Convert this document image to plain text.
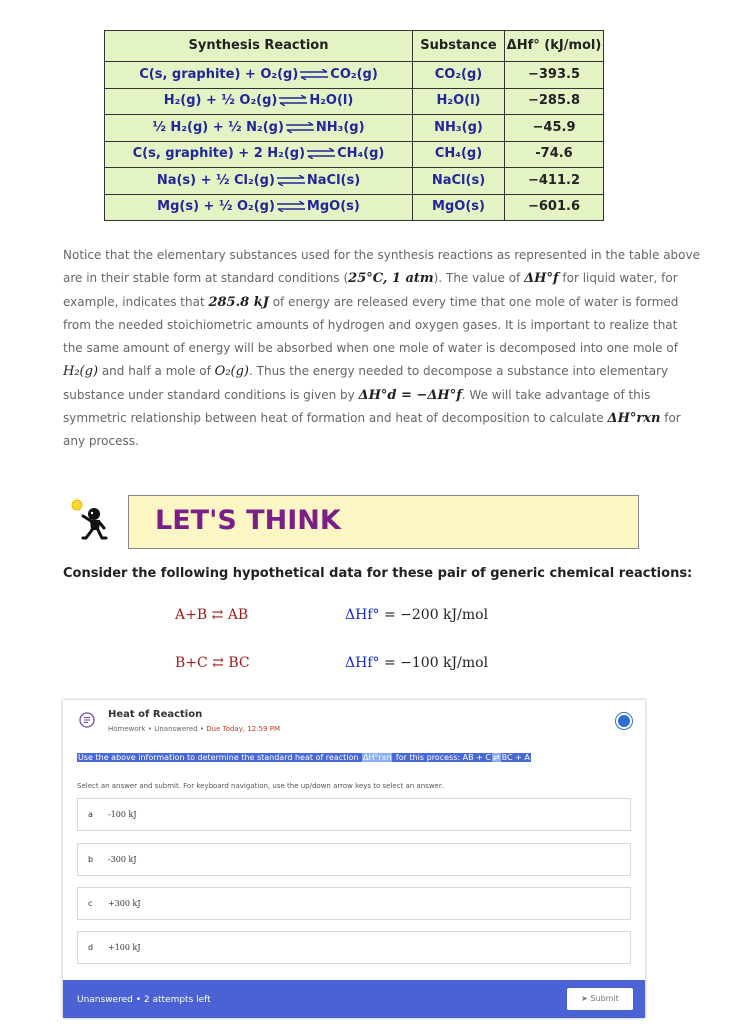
Synthesis Reaction	Substance	ΔHf° (kJ/mol)
C(s, graphite) + O₂(g)⇌CO₂(g)	CO₂(g)	−393.5
H₂(g) + ½ O₂(g)⇌H₂O(l)	H₂O(l)	−285.8
½ H₂(g) + ½ N₂(g)⇌NH₃(g)	NH₃(g)	−45.9
C(s, graphite) + 2 H₂(g)⇌CH₄(g)	CH₄(g)	-74.6
Na(s) + ½ Cl₂(g)⇌NaCl(s)	NaCl(s)	−411.2
Mg(s) + ½ O₂(g)⇌MgO(s)	MgO(s)	−601.6
Notice that the elementary substances used for the synthesis reactions as represented in the table above
are in their stable form at standard conditions (25°C, 1 atm). The value of ΔH°f for liquid water, for
example, indicates that 285.8 kJ of energy are released every time that one mole of water is formed
from the needed stoichiometric amounts of hydrogen and oxygen gases. It is important to realize that
the same amount of energy will be absorbed when one mole of water is decomposed into one mole of
H₂(g) and half a mole of O₂(g). Thus the energy needed to decompose a substance into elementary
substance under standard conditions is given by ΔH°d = −ΔH°f. We will take advantage of this
symmetric relationship between heat of formation and heat of decomposition to calculate ΔH°rxn for
any process.
LET'S THINK
Consider the following hypothetical data for these pair of generic chemical reactions:
A+B ⇄ AB	ΔHf° = −200 kJ/mol
B+C ⇄ BC	ΔHf° = −100 kJ/mol
Heat of Reaction
Homework • Unanswered • Due Today, 12:59 PM
Use the above information to determine the standard heat of reaction ΔH°rxn for this process: AB + C ⇄ BC + A
Select an answer and submit. For keyboard navigation, use the up/down arrow keys to select an answer.
a -100 kJ
b -300 kJ
c +300 kJ
d +100 kJ
Unanswered • 2 attempts left	➤ Submit
